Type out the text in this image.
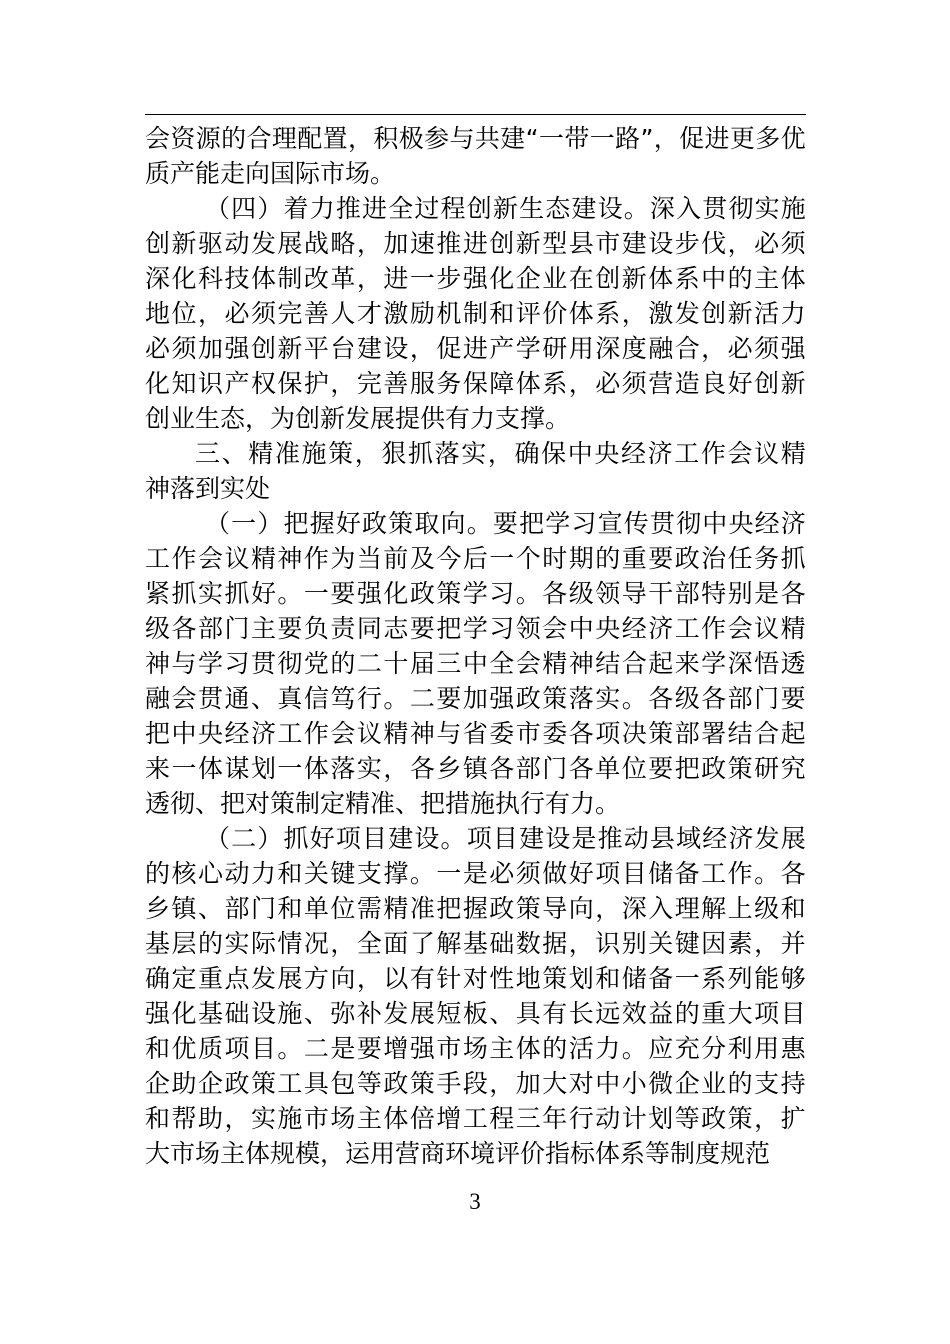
会 资 源 的 合 理 配 置 ， 积 极 参 与 共 建 “ 一 带 一 路 ” ， 促 进 更 多 优
质产能走向国际市场。
（ 四 ） 着 力 推 进 全 过 程 创 新 生 态 建 设 。 深 入 贯 彻 实 施
创 新 驱 动 发 展 战 略 ， 加 速 推 进 创 新 型 县 市 建 设 步 伐 ， 必 须
深 化 科 技 体 制 改 革 ， 进 一 步 强 化 企 业 在 创 新 体 系 中 的 主 体
地 位 ， 必 须 完 善 人 才 激 励 机 制 和 评 价 体 系 ， 激 发 创 新 活 力
必 须 加 强 创 新 平 台 建 设 ， 促 进 产 学 研 用 深 度 融 合 ， 必 须 强
化 知 识 产 权 保 护 ， 完 善 服 务 保 障 体 系 ， 必 须 营 造 良 好 创 新
创业生态，为创新发展提供有力支撑。
三 、 精 准 施 策 ， 狠 抓 落 实 ， 确 保 中 央 经 济 工 作 会 议 精
神落到实处
（ 一 ） 把 握 好 政 策 取 向 。 要 把 学 习 宣 传 贯 彻 中 央 经 济
工 作 会 议 精 神 作 为 当 前 及 今 后 一 个 时 期 的 重 要 政 治 任 务 抓
紧 抓 实 抓 好 。 一 要 强 化 政 策 学 习 。 各 级 领 导 干 部 特 别 是 各
级 各 部 门 主 要 负 责 同 志 要 把 学 习 领 会 中 央 经 济 工 作 会 议 精
神 与 学 习 贯 彻 党 的 二 十 届 三 中 全 会 精 神 结 合 起 来 学 深 悟 透
融 会 贯 通 、 真 信 笃 行 。 二 要 加 强 政 策 落 实 。 各 级 各 部 门 要
把 中 央 经 济 工 作 会 议 精 神 与 省 委 市 委 各 项 决 策 部 署 结 合 起
来 一 体 谋 划 一 体 落 实 ， 各 乡 镇 各 部 门 各 单 位 要 把 政 策 研 究
透彻、把对策制定精准、把措施执行有力。
（ 二 ） 抓 好 项 目 建 设 。 项 目 建 设 是 推 动 县 域 经 济 发 展
的 核 心 动 力 和 关 键 支 撑 。 一 是 必 须 做 好 项 目 储 备 工 作 。 各
乡 镇 、 部 门 和 单 位 需 精 准 把 握 政 策 导 向 ， 深 入 理 解 上 级 和
基 层 的 实 际 情 况 ， 全 面 了 解 基 础 数 据 ， 识 别 关 键 因 素 ， 并
确 定 重 点 发 展 方 向 ， 以 有 针 对 性 地 策 划 和 储 备 一 系 列 能 够
强 化 基 础 设 施 、 弥 补 发 展 短 板 、 具 有 长 远 效 益 的 重 大 项 目
和 优 质 项 目 。 二 是 要 增 强 市 场 主 体 的 活 力 。 应 充 分 利 用 惠
企 助 企 政 策 工 具 包 等 政 策 手 段 ， 加 大 对 中 小 微 企 业 的 支 持
和 帮 助 ， 实 施 市 场 主 体 倍 增 工 程 三 年 行 动 计 划 等 政 策 ， 扩
大市场主体规模，运用营商环境评价指标体系等制度规范
3
